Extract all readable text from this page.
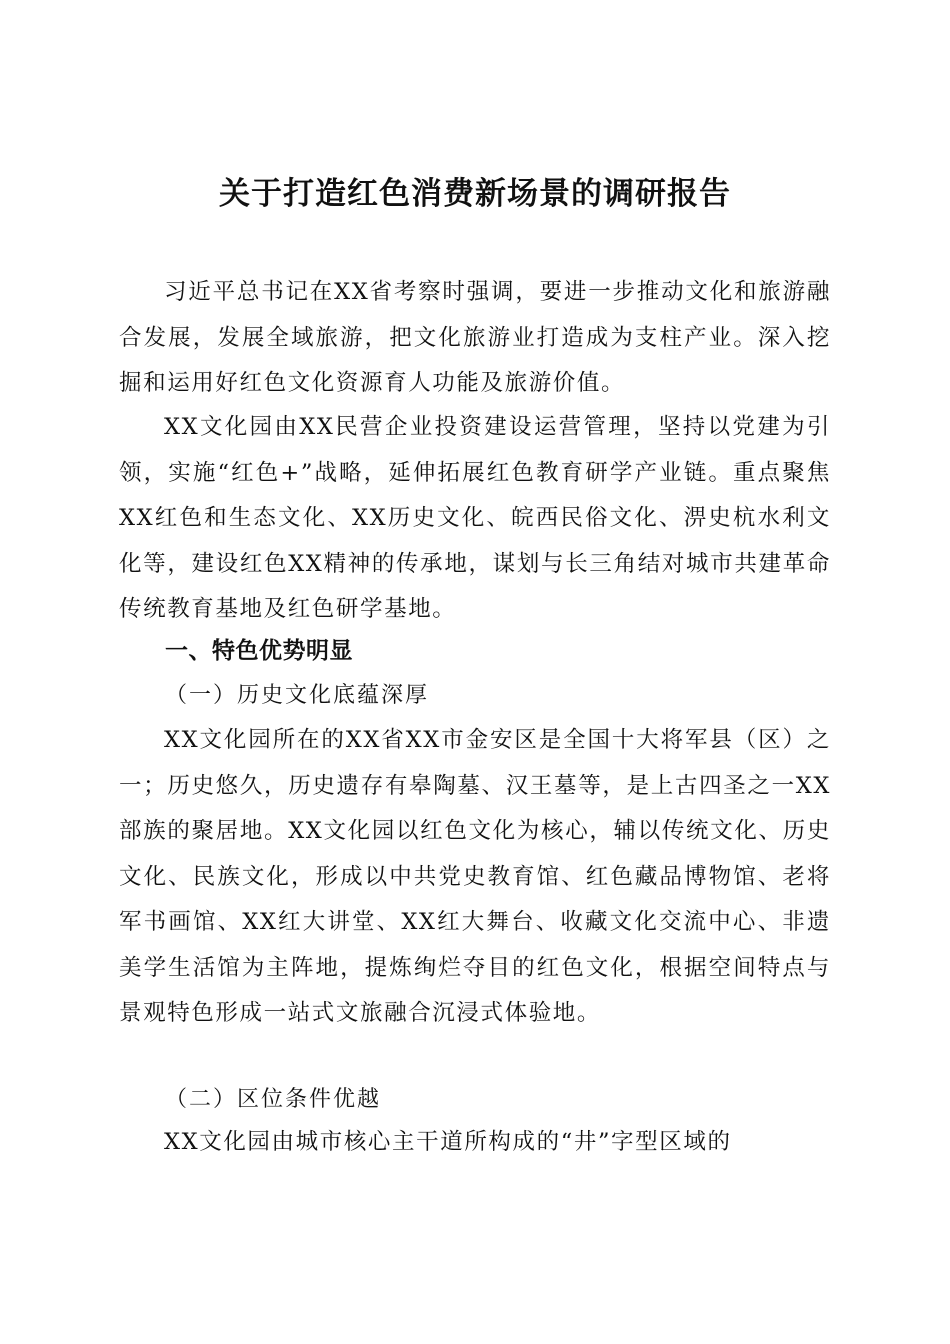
关于打造红色消费新场景的调研报告

习近平总书记在XX省考察时强调，要进一步推动文化和旅游融合发展，发展全域旅游，把文化旅游业打造成为支柱产业。深入挖掘和运用好红色文化资源育人功能及旅游价值。

XX文化园由XX民营企业投资建设运营管理，坚持以党建为引领，实施“红色+”战略，延伸拓展红色教育研学产业链。重点聚焦XX红色和生态文化、XX历史文化、皖西民俗文化、淠史杭水利文化等，建设红色XX精神的传承地，谋划与长三角结对城市共建革命传统教育基地及红色研学基地。

一、特色优势明显
（一）历史文化底蕴深厚

XX文化园所在的XX省XX市金安区是全国十大将军县（区）之一；历史悠久，历史遗存有皋陶墓、汉王墓等，是上古四圣之一XX部族的聚居地。XX文化园以红色文化为核心，辅以传统文化、历史文化、民族文化，形成以中共党史教育馆、红色藏品博物馆、老将军书画馆、XX红大讲堂、XX红大舞台、收藏文化交流中心、非遗美学生活馆为主阵地，提炼绚烂夺目的红色文化，根据空间特点与景观特色形成一站式文旅融合沉浸式体验地。

（二）区位条件优越

XX文化园由城市核心主干道所构成的“井”字型区域的
